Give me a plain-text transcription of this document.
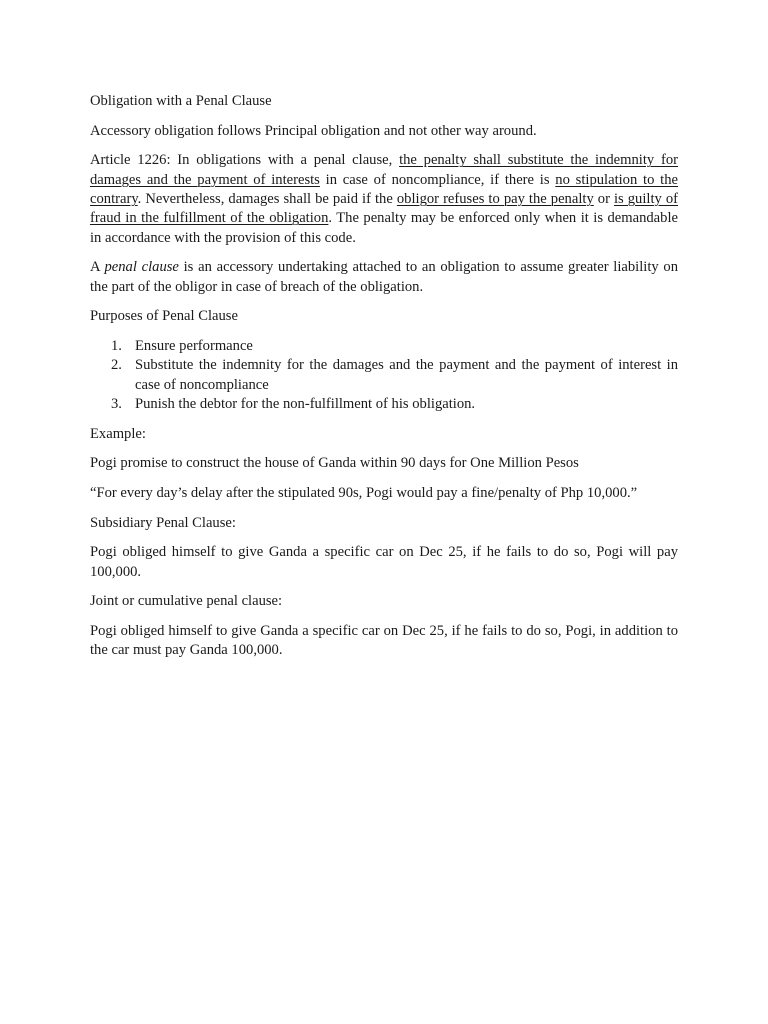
Obligation with a Penal Clause

Accessory obligation follows Principal obligation and not other way around.

Article 1226: In obligations with a penal clause, the penalty shall substitute the indemnity for damages and the payment of interests in case of noncompliance, if there is no stipulation to the contrary. Nevertheless, damages shall be paid if the obligor refuses to pay the penalty or is guilty of fraud in the fulfillment of the obligation. The penalty may be enforced only when it is demandable in accordance with the provision of this code.

A penal clause is an accessory undertaking attached to an obligation to assume greater liability on the part of the obligor in case of breach of the obligation.

Purposes of Penal Clause

1. Ensure performance
2. Substitute the indemnity for the damages and the payment and the payment of interest in case of noncompliance
3. Punish the debtor for the non-fulfillment of his obligation.

Example:

Pogi promise to construct the house of Ganda within 90 days for One Million Pesos

“For every day’s delay after the stipulated 90s, Pogi would pay a fine/penalty of Php 10,000.”

Subsidiary Penal Clause:

Pogi obliged himself to give Ganda a specific car on Dec 25, if he fails to do so, Pogi will pay 100,000.

Joint or cumulative penal clause:

Pogi obliged himself to give Ganda a specific car on Dec 25, if he fails to do so, Pogi, in addition to the car must pay Ganda 100,000.
